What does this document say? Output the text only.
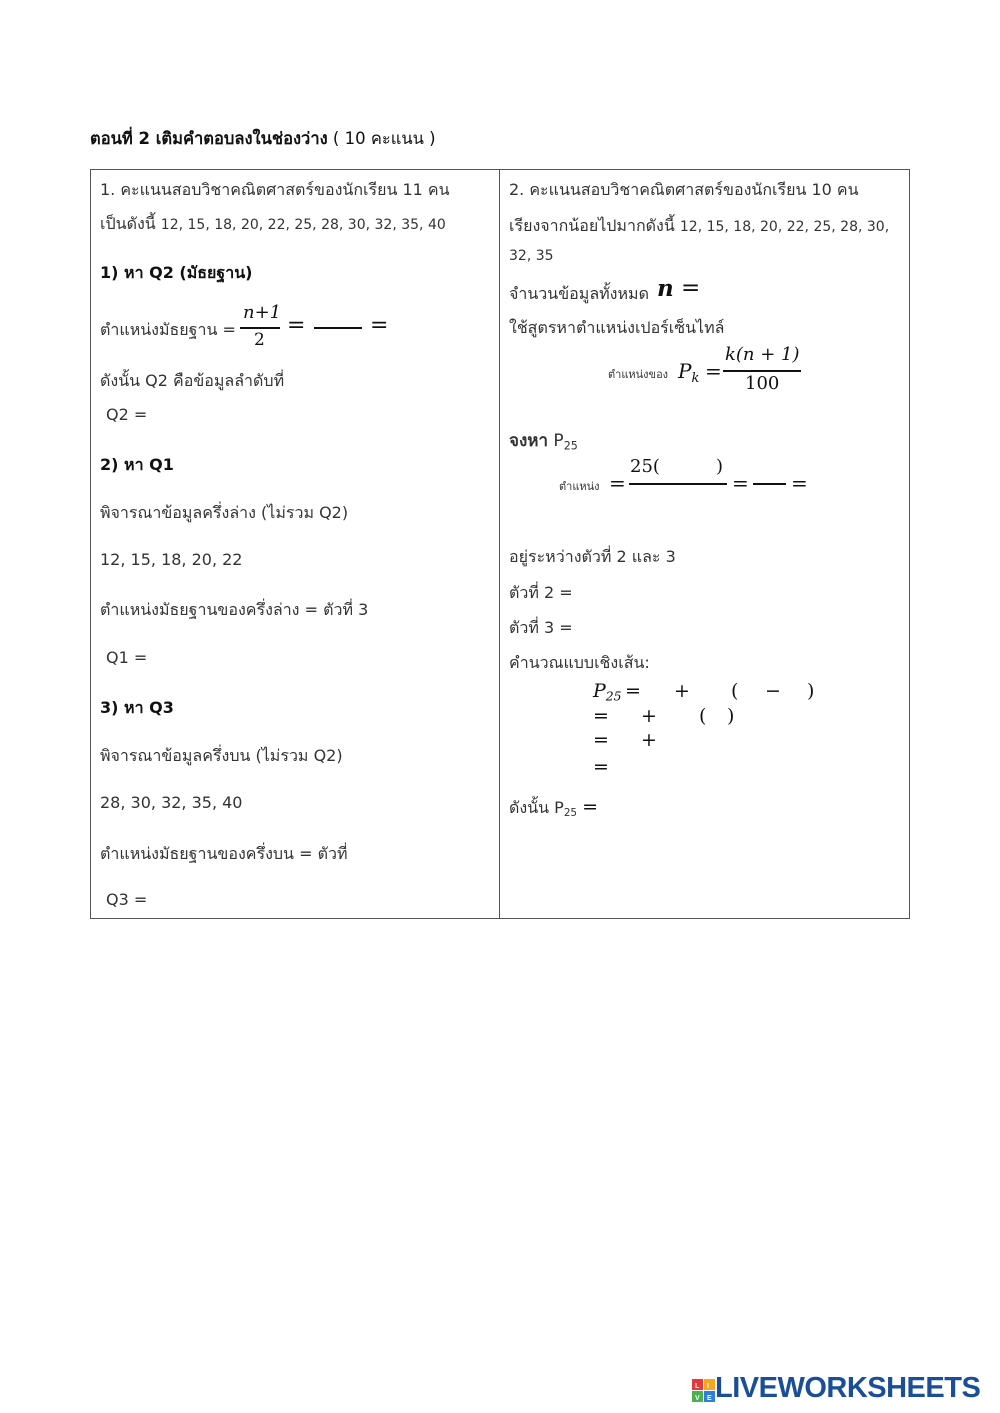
ตอนที่ 2 เติมคำตอบลงในช่องว่าง ( 10 คะแนน )
1. คะแนนสอบวิชาคณิตศาสตร์ของนักเรียน 11 คน
เป็นดังนี้ 12, 15, 18, 20, 22, 25, 28, 30, 32, 35, 40
1) หา Q2 (มัธยฐาน)
ตำแหน่งมัธยฐาน =
n+1
2
=	=
ดังนั้น Q2 คือข้อมูลลำดับที่
Q2 =
2) หา Q1
พิจารณาข้อมูลครึ่งล่าง (ไม่รวม Q2)
12, 15, 18, 20, 22
ตำแหน่งมัธยฐานของครึ่งล่าง = ตัวที่ 3
Q1 =
3) หา Q3
พิจารณาข้อมูลครึ่งบน (ไม่รวม Q2)
28, 30, 32, 35, 40
ตำแหน่งมัธยฐานของครึ่งบน = ตัวที่
Q3 =
2. คะแนนสอบวิชาคณิตศาสตร์ของนักเรียน 10 คน
เรียงจากน้อยไปมากดังนี้ 12, 15, 18, 20, 22, 25, 28, 30,
32, 35
จำนวนข้อมูลทั้งหมด n =
ใช้สูตรหาตำแหน่งเปอร์เซ็นไทล์
ตำแหน่งของ $P_k$ =
k(n + 1)
100
จงหา $P_{25}$
ตำแหน่ง =
25(	)
= =
อยู่ระหว่างตัวที่ 2 และ 3
ตัวที่ 2 =
ตัวที่ 3 =
คำนวณแบบเชิงเส้น:
$P_{25}$ = + ( − )
= + ( )
= +
=
ดังนั้น $P_{25}$ =
L I
V E LIVEWORKSHEETS
